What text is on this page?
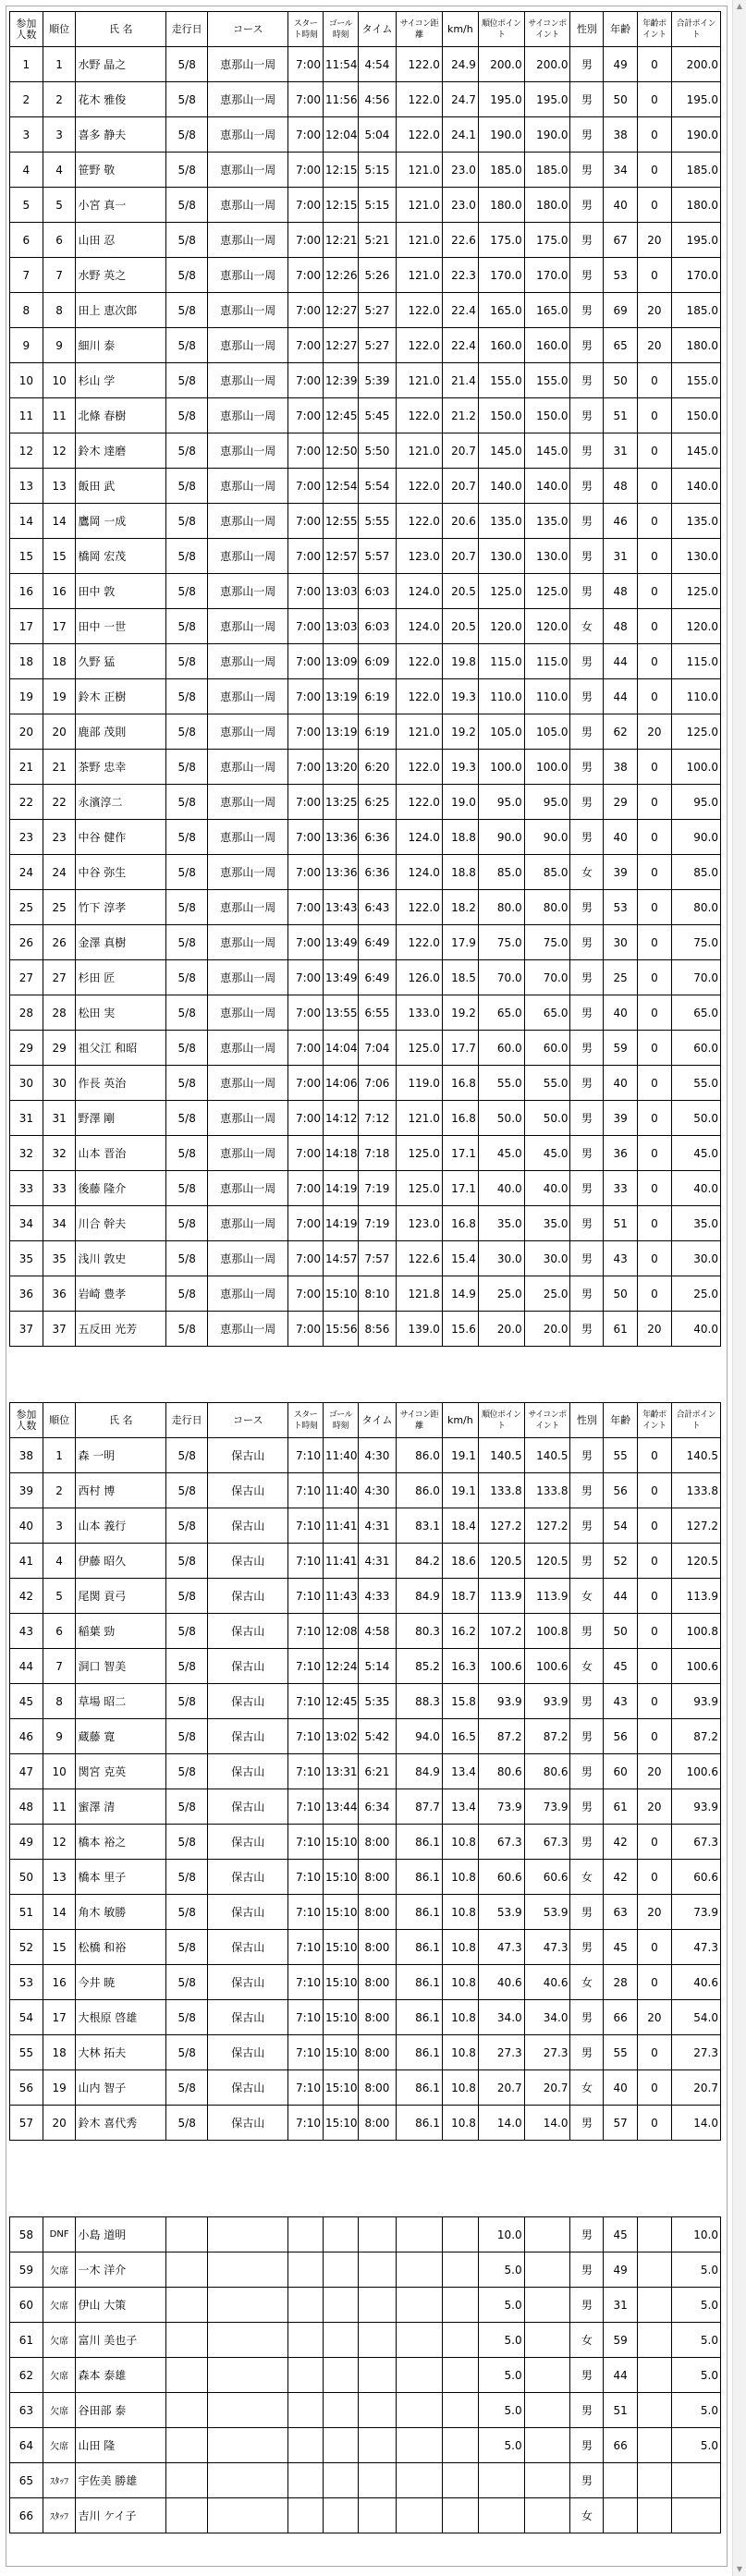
▲
▼
参加人数	順位	氏 名	走行日	コース	スタート時刻	ゴール時刻	タイム	サイコン距離	km/h	順位ポイント	サイコンポイント	性別	年齢	年齢ポイント	合計ポイント
1	1	水野 晶之	5/8	恵那山一周	7:00	11:54	4:54	122.0	24.9	200.0	200.0	男	49	0	200.0
2	2	花木 雅俊	5/8	恵那山一周	7:00	11:56	4:56	122.0	24.7	195.0	195.0	男	50	0	195.0
3	3	喜多 静夫	5/8	恵那山一周	7:00	12:04	5:04	122.0	24.1	190.0	190.0	男	38	0	190.0
4	4	笹野 敬	5/8	恵那山一周	7:00	12:15	5:15	121.0	23.0	185.0	185.0	男	34	0	185.0
5	5	小宮 真一	5/8	恵那山一周	7:00	12:15	5:15	121.0	23.0	180.0	180.0	男	40	0	180.0
6	6	山田 忍	5/8	恵那山一周	7:00	12:21	5:21	121.0	22.6	175.0	175.0	男	67	20	195.0
7	7	水野 英之	5/8	恵那山一周	7:00	12:26	5:26	121.0	22.3	170.0	170.0	男	53	0	170.0
8	8	田上 恵次郎	5/8	恵那山一周	7:00	12:27	5:27	122.0	22.4	165.0	165.0	男	69	20	185.0
9	9	細川 泰	5/8	恵那山一周	7:00	12:27	5:27	122.0	22.4	160.0	160.0	男	65	20	180.0
10	10	杉山 学	5/8	恵那山一周	7:00	12:39	5:39	121.0	21.4	155.0	155.0	男	50	0	155.0
11	11	北條 春樹	5/8	恵那山一周	7:00	12:45	5:45	122.0	21.2	150.0	150.0	男	51	0	150.0
12	12	鈴木 達磨	5/8	恵那山一周	7:00	12:50	5:50	121.0	20.7	145.0	145.0	男	31	0	145.0
13	13	飯田 武	5/8	恵那山一周	7:00	12:54	5:54	122.0	20.7	140.0	140.0	男	48	0	140.0
14	14	鷹岡 一成	5/8	恵那山一周	7:00	12:55	5:55	122.0	20.6	135.0	135.0	男	46	0	135.0
15	15	橋岡 宏茂	5/8	恵那山一周	7:00	12:57	5:57	123.0	20.7	130.0	130.0	男	31	0	130.0
16	16	田中 敦	5/8	恵那山一周	7:00	13:03	6:03	124.0	20.5	125.0	125.0	男	48	0	125.0
17	17	田中 一世	5/8	恵那山一周	7:00	13:03	6:03	124.0	20.5	120.0	120.0	女	48	0	120.0
18	18	久野 猛	5/8	恵那山一周	7:00	13:09	6:09	122.0	19.8	115.0	115.0	男	44	0	115.0
19	19	鈴木 正樹	5/8	恵那山一周	7:00	13:19	6:19	122.0	19.3	110.0	110.0	男	44	0	110.0
20	20	鹿部 茂則	5/8	恵那山一周	7:00	13:19	6:19	121.0	19.2	105.0	105.0	男	62	20	125.0
21	21	茶野 忠幸	5/8	恵那山一周	7:00	13:20	6:20	122.0	19.3	100.0	100.0	男	38	0	100.0
22	22	永濱淳二	5/8	恵那山一周	7:00	13:25	6:25	122.0	19.0	95.0	95.0	男	29	0	95.0
23	23	中谷 健作	5/8	恵那山一周	7:00	13:36	6:36	124.0	18.8	90.0	90.0	男	40	0	90.0
24	24	中谷 弥生	5/8	恵那山一周	7:00	13:36	6:36	124.0	18.8	85.0	85.0	女	39	0	85.0
25	25	竹下 淳孝	5/8	恵那山一周	7:00	13:43	6:43	122.0	18.2	80.0	80.0	男	53	0	80.0
26	26	金澤 真樹	5/8	恵那山一周	7:00	13:49	6:49	122.0	17.9	75.0	75.0	男	30	0	75.0
27	27	杉田 匠	5/8	恵那山一周	7:00	13:49	6:49	126.0	18.5	70.0	70.0	男	25	0	70.0
28	28	松田 実	5/8	恵那山一周	7:00	13:55	6:55	133.0	19.2	65.0	65.0	男	40	0	65.0
29	29	祖父江 和昭	5/8	恵那山一周	7:00	14:04	7:04	125.0	17.7	60.0	60.0	男	59	0	60.0
30	30	作長 英治	5/8	恵那山一周	7:00	14:06	7:06	119.0	16.8	55.0	55.0	男	40	0	55.0
31	31	野澤 剛	5/8	恵那山一周	7:00	14:12	7:12	121.0	16.8	50.0	50.0	男	39	0	50.0
32	32	山本 晋治	5/8	恵那山一周	7:00	14:18	7:18	125.0	17.1	45.0	45.0	男	36	0	45.0
33	33	後藤 隆介	5/8	恵那山一周	7:00	14:19	7:19	125.0	17.1	40.0	40.0	男	33	0	40.0
34	34	川合 幹夫	5/8	恵那山一周	7:00	14:19	7:19	123.0	16.8	35.0	35.0	男	51	0	35.0
35	35	浅川 敦史	5/8	恵那山一周	7:00	14:57	7:57	122.6	15.4	30.0	30.0	男	43	0	30.0
36	36	岩崎 豊孝	5/8	恵那山一周	7:00	15:10	8:10	121.8	14.9	25.0	25.0	男	50	0	25.0
37	37	五反田 光芳	5/8	恵那山一周	7:00	15:56	8:56	139.0	15.6	20.0	20.0	男	61	20	40.0
参加人数	順位	氏 名	走行日	コース	スタート時刻	ゴール時刻	タイム	サイコン距離	km/h	順位ポイント	サイコンポイント	性別	年齢	年齢ポイント	合計ポイント
38	1	森 一明	5/8	保古山	7:10	11:40	4:30	86.0	19.1	140.5	140.5	男	55	0	140.5
39	2	西村 博	5/8	保古山	7:10	11:40	4:30	86.0	19.1	133.8	133.8	男	56	0	133.8
40	3	山本 義行	5/8	保古山	7:10	11:41	4:31	83.1	18.4	127.2	127.2	男	54	0	127.2
41	4	伊藤 昭久	5/8	保古山	7:10	11:41	4:31	84.2	18.6	120.5	120.5	男	52	0	120.5
42	5	尾関 貢弓	5/8	保古山	7:10	11:43	4:33	84.9	18.7	113.9	113.9	女	44	0	113.9
43	6	稲葉 勁	5/8	保古山	7:10	12:08	4:58	80.3	16.2	107.2	100.8	男	50	0	100.8
44	7	洞口 智美	5/8	保古山	7:10	12:24	5:14	85.2	16.3	100.6	100.6	女	45	0	100.6
45	8	草場 昭二	5/8	保古山	7:10	12:45	5:35	88.3	15.8	93.9	93.9	男	43	0	93.9
46	9	蔵藤 寛	5/8	保古山	7:10	13:02	5:42	94.0	16.5	87.2	87.2	男	56	0	87.2
47	10	関宮 克英	5/8	保古山	7:10	13:31	6:21	84.9	13.4	80.6	80.6	男	60	20	100.6
48	11	蜜澤 清	5/8	保古山	7:10	13:44	6:34	87.7	13.4	73.9	73.9	男	61	20	93.9
49	12	橋本 裕之	5/8	保古山	7:10	15:10	8:00	86.1	10.8	67.3	67.3	男	42	0	67.3
50	13	橋本 里子	5/8	保古山	7:10	15:10	8:00	86.1	10.8	60.6	60.6	女	42	0	60.6
51	14	角木 敏勝	5/8	保古山	7:10	15:10	8:00	86.1	10.8	53.9	53.9	男	63	20	73.9
52	15	松橋 和裕	5/8	保古山	7:10	15:10	8:00	86.1	10.8	47.3	47.3	男	45	0	47.3
53	16	今井 暁	5/8	保古山	7:10	15:10	8:00	86.1	10.8	40.6	40.6	女	28	0	40.6
54	17	大根原 啓雄	5/8	保古山	7:10	15:10	8:00	86.1	10.8	34.0	34.0	男	66	20	54.0
55	18	大林 拓夫	5/8	保古山	7:10	15:10	8:00	86.1	10.8	27.3	27.3	男	55	0	27.3
56	19	山内 智子	5/8	保古山	7:10	15:10	8:00	86.1	10.8	20.7	20.7	女	40	0	20.7
57	20	鈴木 喜代秀	5/8	保古山	7:10	15:10	8:00	86.1	10.8	14.0	14.0	男	57	0	14.0
58	DNF	小島 道明								10.0		男	45		10.0
59	欠席	一木 洋介								5.0		男	49		5.0
60	欠席	伊山 大策								5.0		男	31		5.0
61	欠席	富川 美也子								5.0		女	59		5.0
62	欠席	森本 泰雄								5.0		男	44		5.0
63	欠席	谷田部 泰								5.0		男	51		5.0
64	欠席	山田 隆								5.0		男	66		5.0
65	ｽﾀｯﾌ	宇佐美 勝雄										男			
66	ｽﾀｯﾌ	吉川 ケイ子										女			
